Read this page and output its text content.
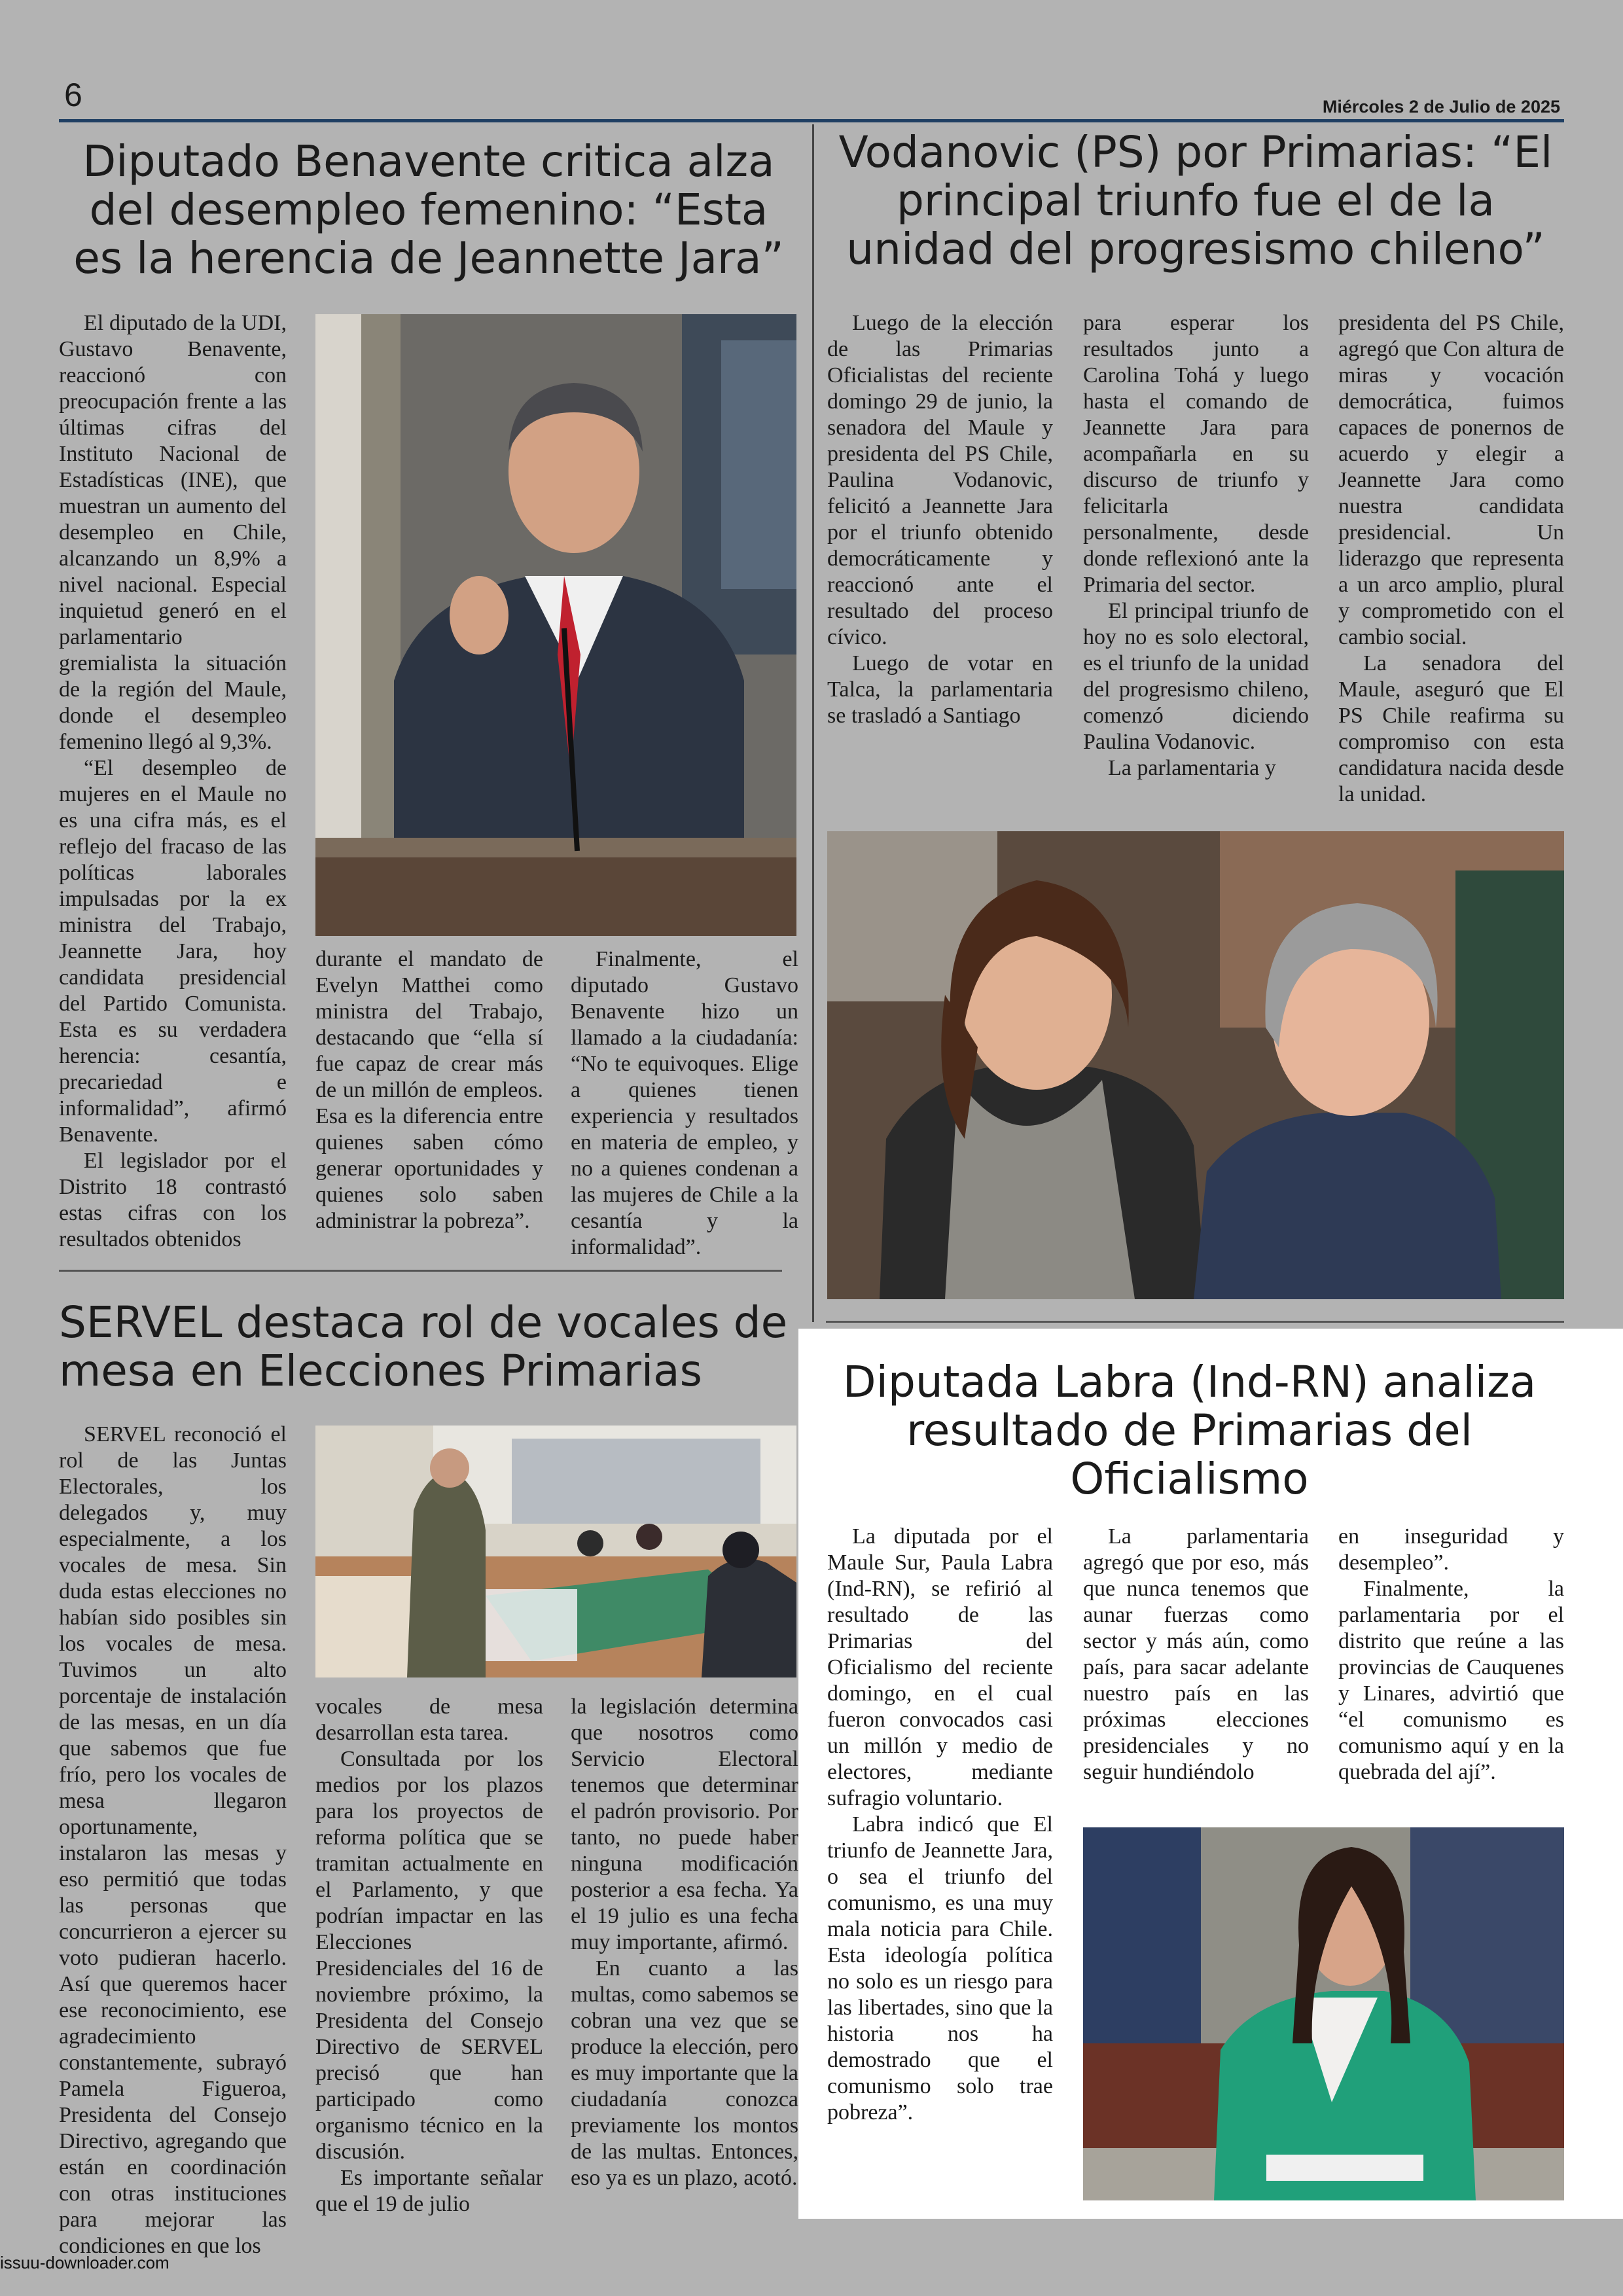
6	Miércoles 2 de Julio de 2025
Diputado Benavente critica alza del desempleo femenino: “Esta es la herencia de Jeannette Jara”

El diputado de la UDI, Gustavo Benavente, reaccionó con preocupación frente a las últimas cifras del Instituto Nacional de Estadísticas (INE), que muestran un aumento del desempleo en Chile, alcanzando un 8,9% a nivel nacional. Especial inquietud generó en el parlamentario gremialista la situación de la región del Maule, donde el desempleo femenino llegó al 9,3%.

“El desempleo de mujeres en el Maule no es una cifra más, es el reflejo del fracaso de las políticas laborales impulsadas por la ex ministra del Trabajo, Jeannette Jara, hoy candidata presidencial del Partido Comunista. Esta es su verdadera herencia: cesantía, precariedad e informalidad”, afirmó Benavente.

El legislador por el Distrito 18 contrastó estas cifras con los resultados obtenidos

durante el mandato de Evelyn Matthei como ministra del Trabajo, destacando que “ella sí fue capaz de crear más de un millón de empleos. Esa es la diferencia entre quienes saben cómo generar oportunidades y quienes solo saben administrar la pobreza”.

Finalmente, el diputado Gustavo Benavente hizo un llamado a la ciudadanía: “No te equivoques. Elige a quienes tienen experiencia y resultados en materia de empleo, y no a quienes condenan a las mujeres de Chile a la cesantía y la informalidad”.

Vodanovic (PS) por Primarias: “El principal triunfo fue el de la unidad del progresismo chileno”

Luego de la elección de las Primarias Oficialistas del reciente domingo 29 de junio, la senadora del Maule y presidenta del PS Chile, Paulina Vodanovic, felicitó a Jeannette Jara por el triunfo obtenido democráticamente y reaccionó ante el resultado del proceso cívico.

Luego de votar en Talca, la parlamentaria se trasladó a Santiago

para esperar los resultados junto a Carolina Tohá y luego hasta el comando de Jeannette Jara para acompañarla en su discurso de triunfo y felicitarla personalmente, desde donde reflexionó ante la Primaria del sector.

El principal triunfo de hoy no es solo electoral, es el triunfo de la unidad del progresismo chileno, comenzó diciendo Paulina Vodanovic.

La parlamentaria y

presidenta del PS Chile, agregó que Con altura de miras y vocación democrática, fuimos capaces de ponernos de acuerdo y elegir a Jeannette Jara como nuestra candidata presidencial. Un liderazgo que representa a un arco amplio, plural y comprometido con el cambio social.

La senadora del Maule, aseguró que El PS Chile reafirma su compromiso con esta candidatura nacida desde la unidad.

SERVEL destaca rol de vocales de mesa en Elecciones Primarias

SERVEL reconoció el rol de las Juntas Electorales, los delegados y, muy especialmente, a los vocales de mesa. Sin duda estas elecciones no habían sido posibles sin los vocales de mesa. Tuvimos un alto porcentaje de instalación de las mesas, en un día que sabemos que fue frío, pero los vocales de mesa llegaron oportunamente, instalaron las mesas y eso permitió que todas las personas que concurrieron a ejercer su voto pudieran hacerlo. Así que queremos hacer ese reconocimiento, ese agradecimiento constantemente, subrayó Pamela Figueroa, Presidenta del Consejo Directivo, agregando que están en coordinación con otras instituciones para mejorar las condiciones en que los

vocales de mesa desarrollan esta tarea.

Consultada por los medios por los plazos para los proyectos de reforma política que se tramitan actualmente en el Parlamento, y que podrían impactar en las Elecciones Presidenciales del 16 de noviembre próximo, la Presidenta del Consejo Directivo de SERVEL precisó que han participado como organismo técnico en la discusión.

Es importante señalar que el 19 de julio

la legislación determina que nosotros como Servicio Electoral tenemos que determinar el padrón provisorio. Por tanto, no puede haber ninguna modificación posterior a esa fecha. Ya el 19 julio es una fecha muy importante, afirmó.

En cuanto a las multas, como sabemos se cobran una vez que se produce la elección, pero es muy importante que la ciudadanía conozca previamente los montos de las multas. Entonces, eso ya es un plazo, acotó.

Diputada Labra (Ind-RN) analiza resultado de Primarias del Oficialismo

La diputada por el Maule Sur, Paula Labra (Ind-RN), se refirió al resultado de las Primarias del Oficialismo del reciente domingo, en el cual fueron convocados casi un millón y medio de electores, mediante sufragio voluntario.

Labra indicó que El triunfo de Jeannette Jara, o sea el triunfo del comunismo, es una muy mala noticia para Chile. Esta ideología política no solo es un riesgo para las libertades, sino que la historia nos ha demostrado que el comunismo solo trae pobreza”.

La parlamentaria agregó que por eso, más que nunca tenemos que aunar fuerzas como sector y más aún, como país, para sacar adelante nuestro país en las próximas elecciones presidenciales y no seguir hundiéndolo

en inseguridad y desempleo”.

Finalmente, la parlamentaria por el distrito que reúne a las provincias de Cauquenes y Linares, advirtió que “el comunismo es comunismo aquí y en la quebrada del ají”.

issuu-downloader.com
